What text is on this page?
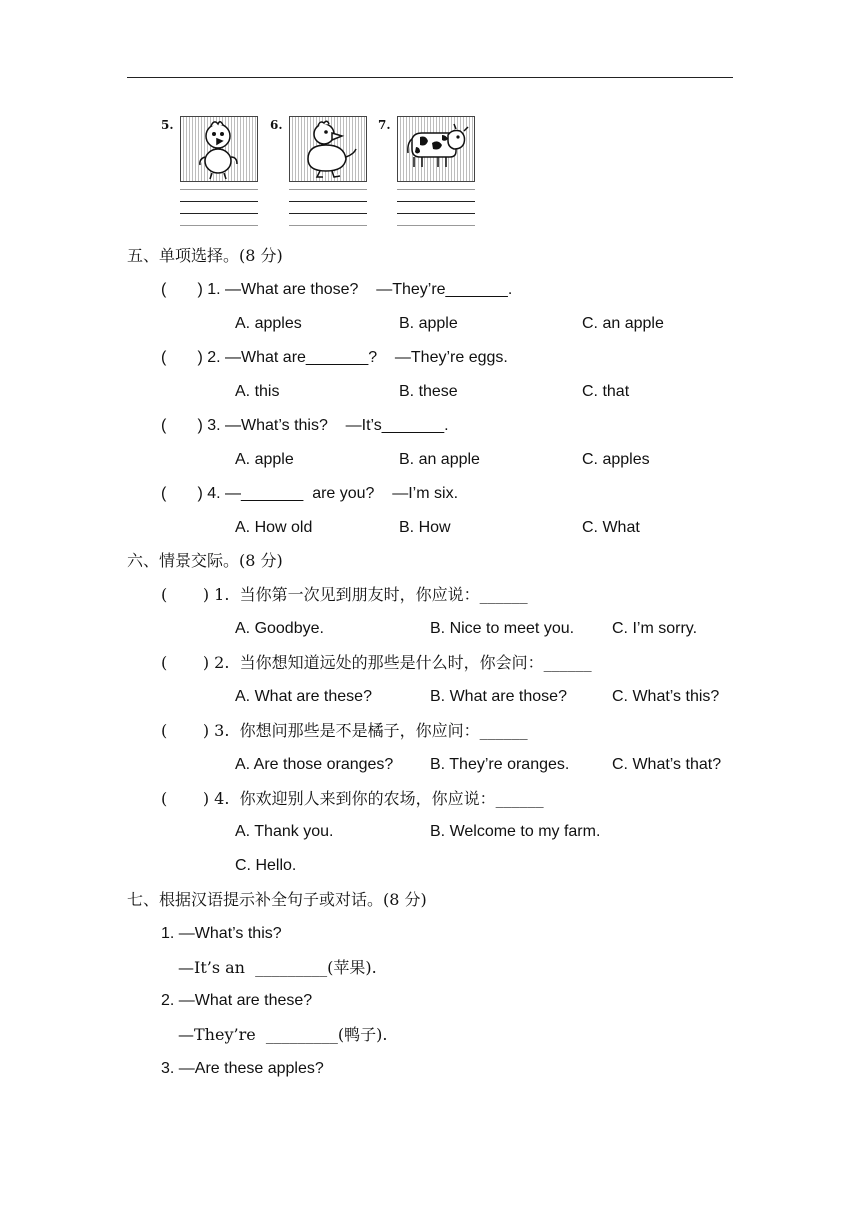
5.	6.	7.
五、单项选择。(8 分)
(       ) 1. —What are those?    —They’re_______.
A. apples	B. apple	C. an apple
(       ) 2. —What are_______?    —They’re eggs.
A. this	B. these	C. that
(       ) 3. —What’s this?    —It’s_______.
A. apple	B. an apple	C. apples
(       ) 4. —_______  are you?    —I’m six.
A. How old	B. How	C. What
六、情景交际。(8 分)
(       ) 1.  当你第一次见到朋友时，你应说：______
A. Goodbye.	B. Nice to meet you. C. I’m sorry.
(       ) 2.  当你想知道远处的那些是什么时，你会问：______
A. What are these?	B. What are those?	C. What’s this?
(       ) 3.  你想问那些是不是橘子，你应问：______
A. Are those oranges? B. They’re oranges.	C. What’s that?
(       ) 4.  你欢迎别人来到你的农场，你应说：______
A. Thank you.	B. Welcome to my farm.
C. Hello.
七、根据汉语提示补全句子或对话。(8 分)
1. —What’s this?
—It’s an  _________(苹果).
2. —What are these?
—They’re  _________(鸭子).
3. —Are these apples?
